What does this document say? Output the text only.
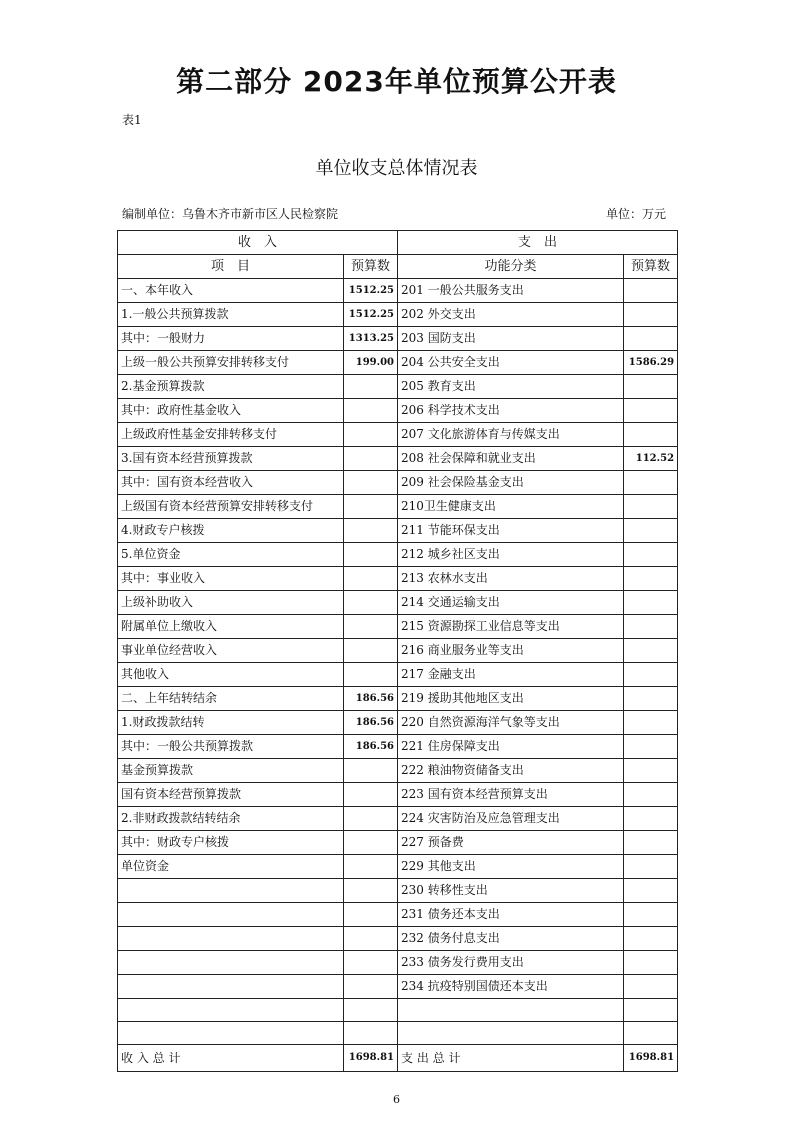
第二部分 2023年单位预算公开表
表1
单位收支总体情况表
编制单位：乌鲁木齐市新市区人民检察院	单位：万元
收　入		支　出	
项　目	预算数	功能分类	预算数
一、本年收入	1512.25	201 一般公共服务支出	
1.一般公共预算拨款	1512.25	202 外交支出	
其中：一般财力	1313.25	203 国防支出	
上级一般公共预算安排转移支付	199.00	204 公共安全支出	1586.29
2.基金预算拨款		205 教育支出	
其中：政府性基金收入		206 科学技术支出	
上级政府性基金安排转移支付		207 文化旅游体育与传媒支出	
3.国有资本经营预算拨款		208 社会保障和就业支出	112.52
其中：国有资本经营收入		209 社会保险基金支出	
上级国有资本经营预算安排转移支付		210卫生健康支出	
4.财政专户核拨		211 节能环保支出	
5.单位资金		212 城乡社区支出	
其中：事业收入		213 农林水支出	
上级补助收入		214 交通运输支出	
附属单位上缴收入		215 资源勘探工业信息等支出	
事业单位经营收入		216 商业服务业等支出	
其他收入		217 金融支出	
二、上年结转结余	186.56	219 援助其他地区支出	
1.财政拨款结转	186.56	220 自然资源海洋气象等支出	
其中：一般公共预算拨款	186.56	221 住房保障支出	
基金预算拨款		222 粮油物资储备支出	
国有资本经营预算拨款		223 国有资本经营预算支出	
2.非财政拨款结转结余		224 灾害防治及应急管理支出	
其中：财政专户核拨		227 预备费	
单位资金		229 其他支出	
		230 转移性支出	
		231 债务还本支出	
		232 债务付息支出	
		233 债务发行费用支出	
		234 抗疫特别国债还本支出	

收 入 总 计	1698.81	支 出 总 计	1698.81
6
